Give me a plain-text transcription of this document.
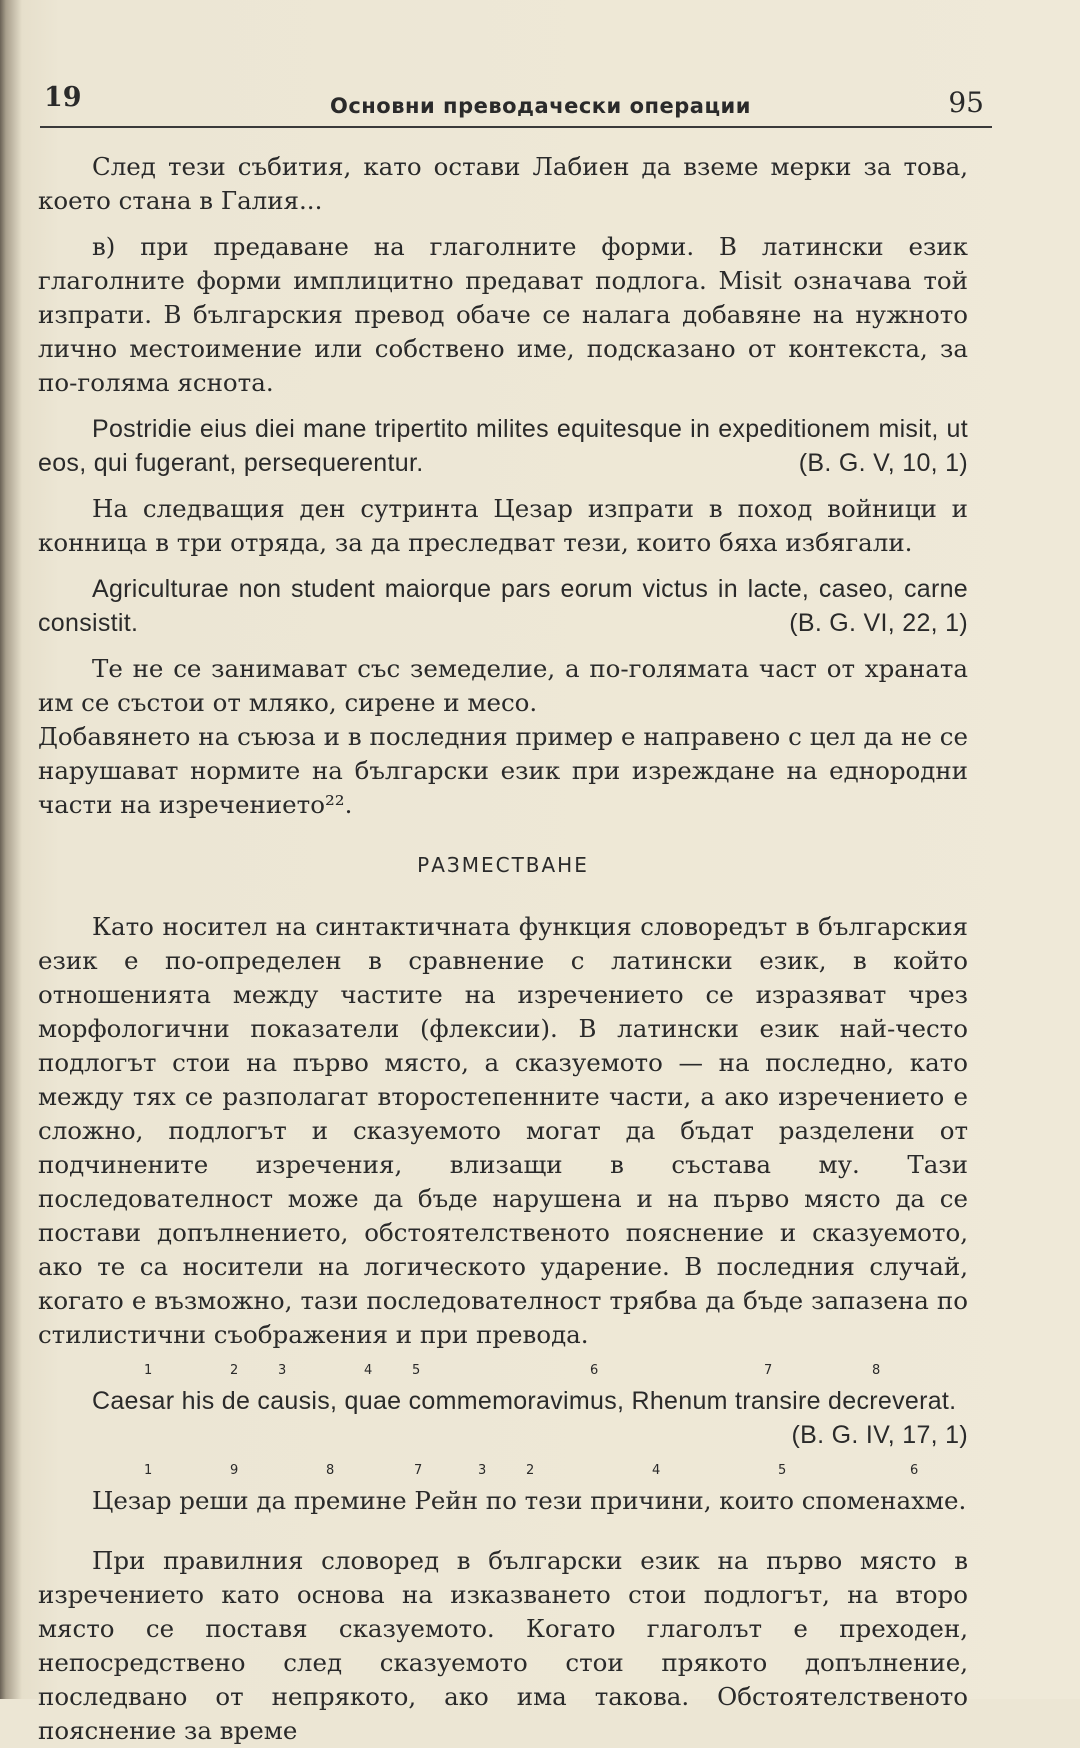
19	Основни преводачески операции	95

След тези събития, като остави Лабиен да вземе мерки за това, което стана в Галия...

в) при предаване на глаголните форми. В латински език глаголните форми имплицитно предават подлога. Misit означава той изпрати. В българския превод обаче се налага добавяне на нужното лично местоимение или собствено име, подсказано от контекста, за по-голяма яснота.

Postridie eius diei mane tripertito milites equitesque in expeditionem misit, ut eos, qui fugerant, persequerentur.	(B. G. V, 10, 1)

На следващия ден сутринта Цезар изпрати в поход войници и конница в три отряда, за да преследват тези, които бяха избягали.

Agriculturae non student maiorque pars eorum victus in lacte, caseo, carne consistit.	(B. G. VI, 22, 1)

Те не се занимават със земеделие, а по-голямата част от храната им се състои от мляко, сирене и месо.

Добавянето на съюза и в последния пример е направено с цел да не се нарушават нормите на български език при изреждане на еднородни части на изречението²².

РАЗМЕСТВАНЕ

Като носител на синтактичната функция словоредът в българския език е по-определен в сравнение с латински език, в който отношенията между частите на изречението се изразяват чрез морфологични показатели (флексии). В латински език най-често подлогът стои на първо място, а сказуемото — на последно, като между тях се разполагат второстепенните части, а ако изречението е сложно, подлогът и сказуемото могат да бъдат разделени от подчинените изречения, влизащи в състава му. Тази последователност може да бъде нарушена и на първо място да се постави допълнението, обстоятелственото пояснение и сказуемото, ако те са носители на логическото ударение. В последния случай, когато е възможно, тази последователност трябва да бъде запазена по стилистични съображения и при превода.

1	2	3	4	5	6	7	8

Caesar his de causis, quae commemoravimus, Rhenum transire decreverat.
(B. G. IV, 17, 1)

1	9	8	7	3	2	4	5	6

Цезар реши да премине Рейн по тези причини, които споменахме.

При правилния словоред в български език на първо място в изречението като основа на изказването стои подлогът, на второ място се поставя сказуемото. Когато глаголът е преходен, непосредствено след сказуемото стои прякото допълнение, последвано от непрякото, ако има такова. Обстоятелственото пояснение за време
